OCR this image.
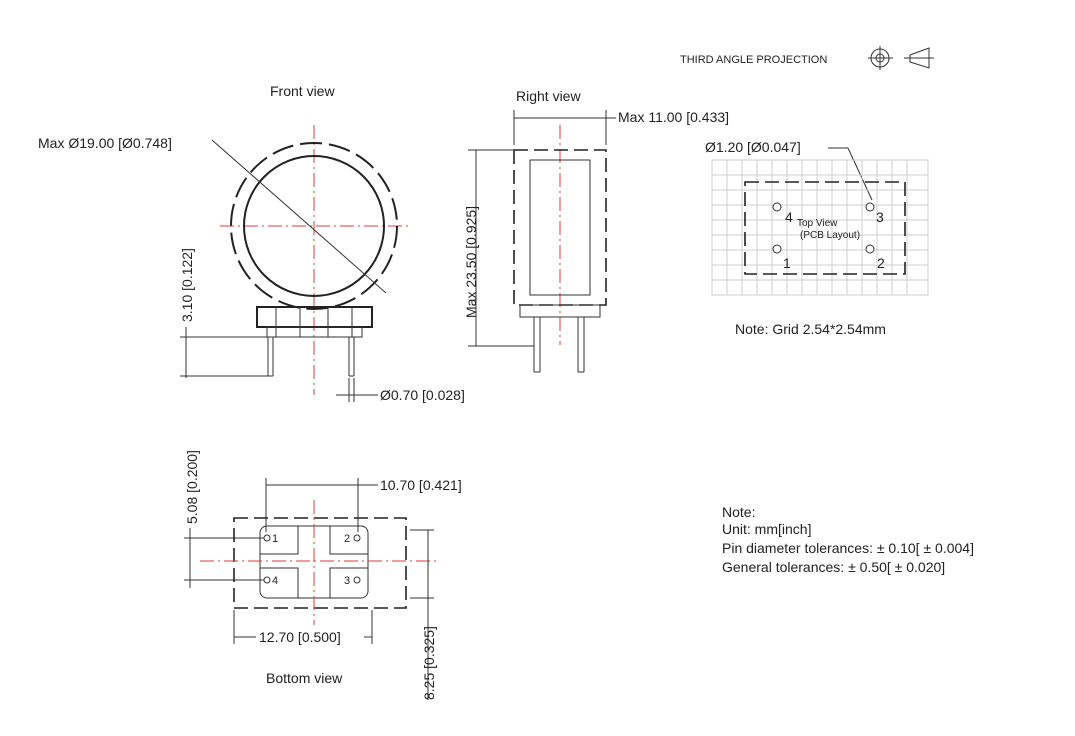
THIRD ANGLE PROJECTION
Front view
Max Ø19.00 [Ø0.748]
3.10 [0.122]
Ø0.70 [0.028]
Right view
Max 11.00 [0.433]
Max 23.50 [0.925]
Ø1.20 [Ø0.047]
4	3
1	2
Top View
(PCB Layout)
Note: Grid 2.54*2.54mm
5.08 [0.200]	10.70 [0.421]
1	2
3
4
12.70 [0.500]	8.25 [0.325]
Bottom view
Note:
Unit: mm[inch]
Pin diameter tolerances: ± 0.10[ ± 0.004]
General tolerances: ± 0.50[ ± 0.020]
